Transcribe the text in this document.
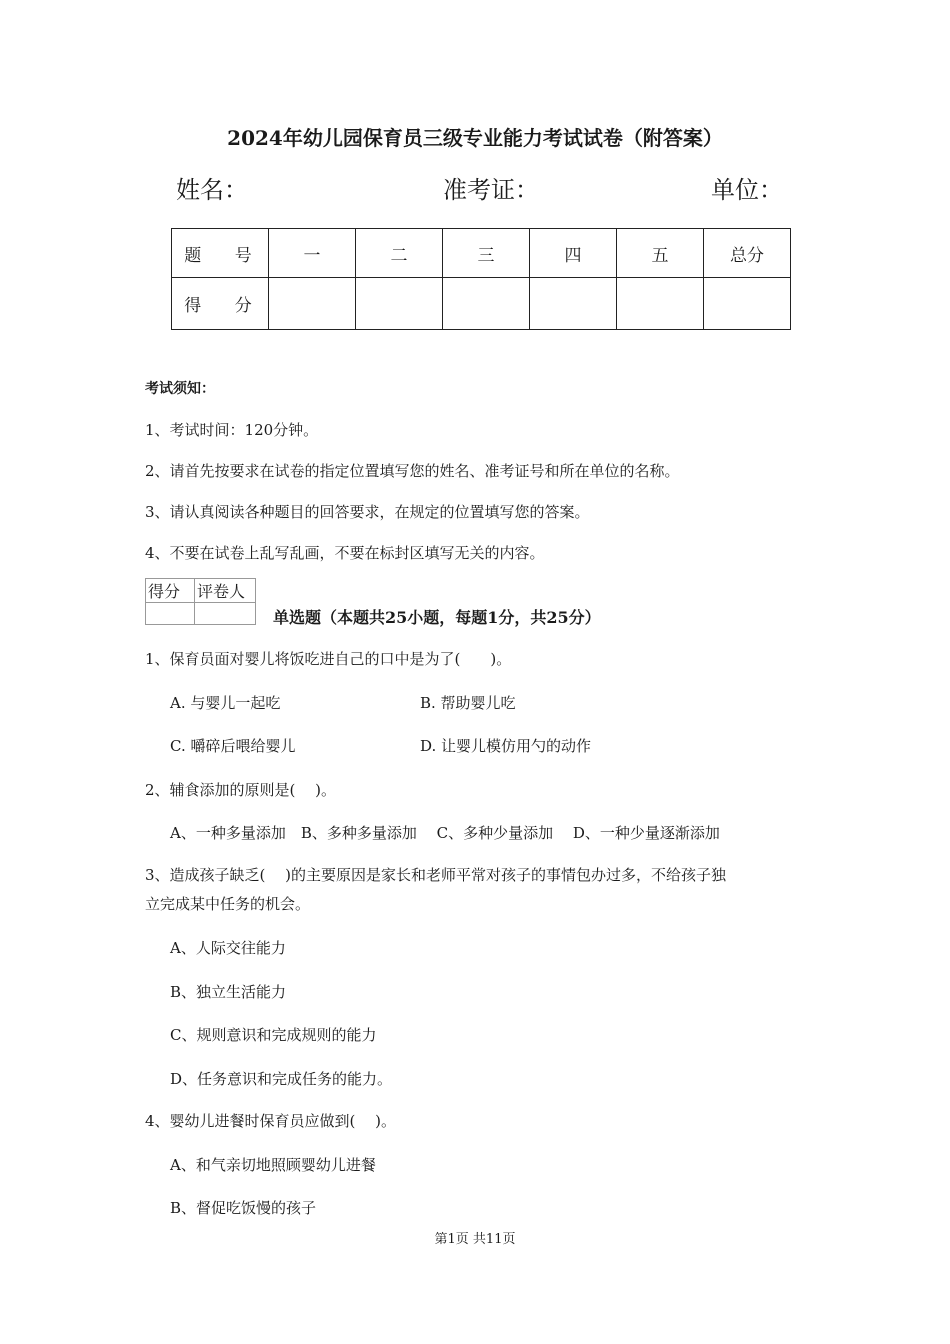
2024年幼儿园保育员三级专业能力考试试卷（附答案）
姓名：	准考证：	单位：
题 号	一	二	三	四	五	总分
得 分						
考试须知：
1、考试时间：120分钟。
2、请首先按要求在试卷的指定位置填写您的姓名、准考证号和所在单位的名称。
3、请认真阅读各种题目的回答要求，在规定的位置填写您的答案。
4、不要在试卷上乱写乱画，不要在标封区填写无关的内容。
得分	评卷人

单选题（本题共25小题，每题1分，共25分）
1、保育员面对婴儿将饭吃进自己的口中是为了(　　)。
A. 与婴儿一起吃	B. 帮助婴儿吃
C. 嚼碎后喂给婴儿	D. 让婴儿模仿用勺的动作
2、辅食添加的原则是(　 )。
A、一种多量添加　B、多种多量添加　 C、多种少量添加　 D、一种少量逐渐添加
3、造成孩子缺乏(　 )的主要原因是家长和老师平常对孩子的事情包办过多，不给孩子独
立完成某中任务的机会。
A、人际交往能力
B、独立生活能力
C、规则意识和完成规则的能力
D、任务意识和完成任务的能力。
4、婴幼儿进餐时保育员应做到(　 )。
A、和气亲切地照顾婴幼儿进餐
B、督促吃饭慢的孩子
第1页 共11页
